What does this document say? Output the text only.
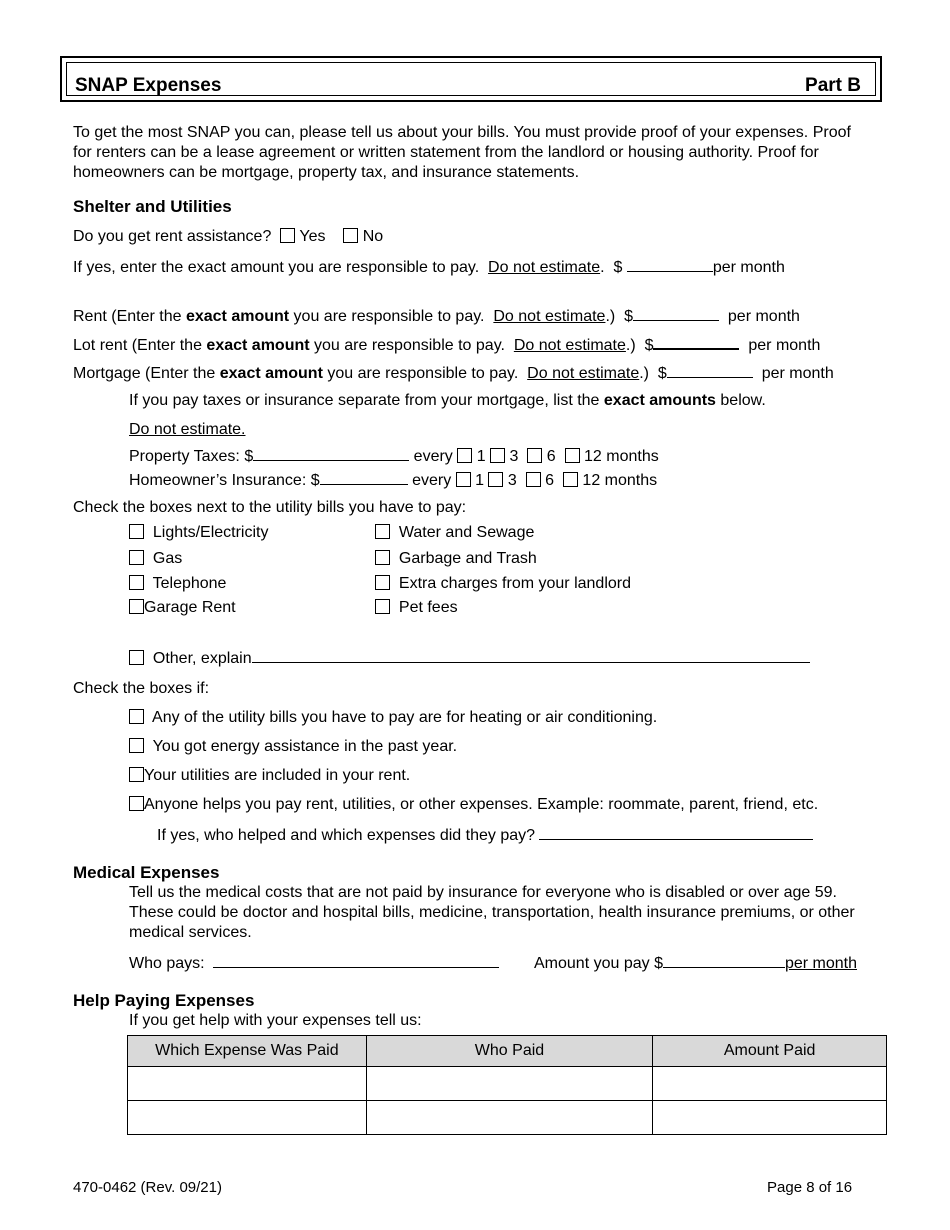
SNAP Expenses	Part B
To get the most SNAP you can, please tell us about your bills. You must provide proof of your expenses. Proof for renters can be a lease agreement or written statement from the landlord or housing authority. Proof for homeowners can be mortgage, property tax, and insurance statements.
Shelter and Utilities
Do you get rent assistance? Yes No
If yes, enter the exact amount you are responsible to pay. Do not estimate.  $	per month
Rent (Enter the exact amount you are responsible to pay. Do not estimate.) $	per month
Lot rent (Enter the exact amount you are responsible to pay. Do not estimate.) $	per month
Mortgage (Enter the exact amount you are responsible to pay. Do not estimate.) $	per month
If you pay taxes or insurance separate from your mortgage, list the exact amounts below.
Do not estimate.
Property Taxes: $	every 1 3 6 12 months
Homeowner’s Insurance: $	every 1 3 6 12 months
Check the boxes next to the utility bills you have to pay:
Lights/Electricity
Gas
Telephone
Garage Rent
Water and Sewage
Garbage and Trash
Extra charges from your landlord
Pet fees
Other, explain
Check the boxes if:
Any of the utility bills you have to pay are for heating or air conditioning.
You got energy assistance in the past year.
Your utilities are included in your rent.
Anyone helps you pay rent, utilities, or other expenses. Example: roommate, parent, friend, etc.
If yes, who helped and which expenses did they pay?
Medical Expenses
Tell us the medical costs that are not paid by insurance for everyone who is disabled or over age 59. These could be doctor and hospital bills, medicine, transportation, health insurance premiums, or other medical services.
Who pays:	Amount you pay $	per month
Help Paying Expenses
If you get help with your expenses tell us:
Which Expense Was Paid	Who Paid	Amount Paid

470-0462 (Rev. 09/21)	Page 8 of 16
